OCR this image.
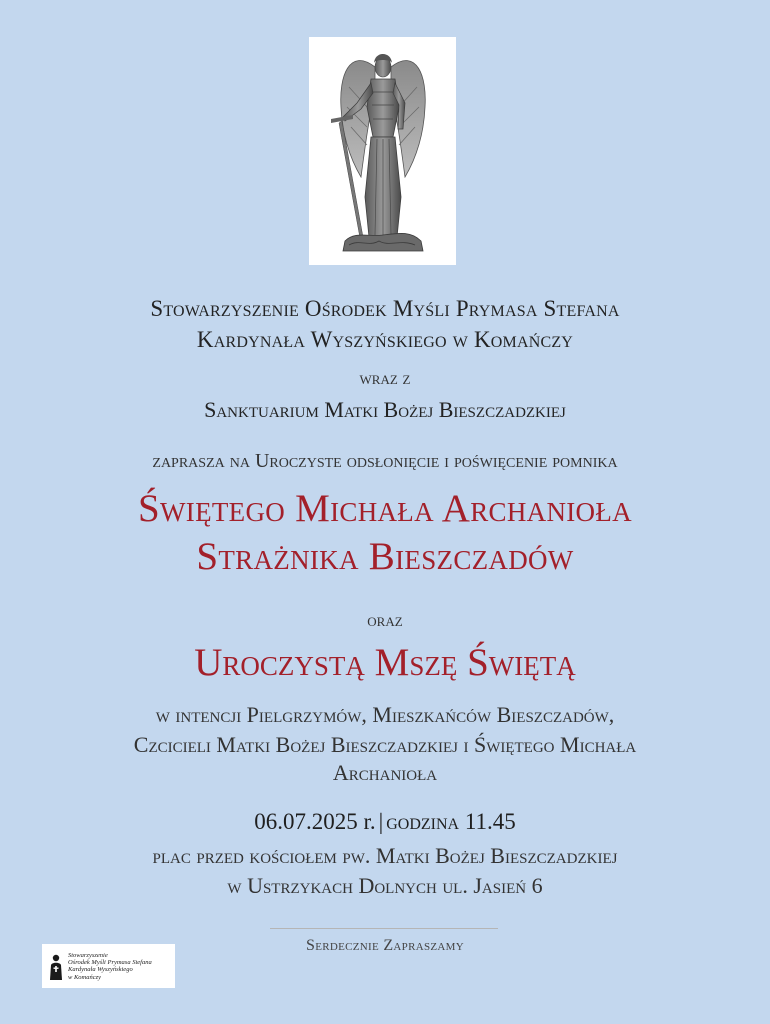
Stowarzyszenie Ośrodek Myśli Prymasa Stefana
Kardynała Wyszyńskiego w Komańczy
wraz z
Sanktuarium Matki Bożej Bieszczadzkiej
zaprasza na Uroczyste odsłonięcie i poświęcenie pomnika
Świętego Michała Archanioła
Strażnika Bieszczadów
oraz
Uroczystą Mszę Świętą
w intencji Pielgrzymów, Mieszkańców Bieszczadów,
Czcicieli Matki Bożej Bieszczadzkiej i Świętego Michała
Archanioła
06.07.2025 r. | godzina 11.45
plac przed kościołem pw. Matki Bożej Bieszczadzkiej
w Ustrzykach Dolnych ul. Jasień 6
Serdecznie Zapraszamy
Stowarzyszenie
Ośrodek Myśli Prymasa Stefana
Kardynała Wyszyńskiego
w Komańczy
